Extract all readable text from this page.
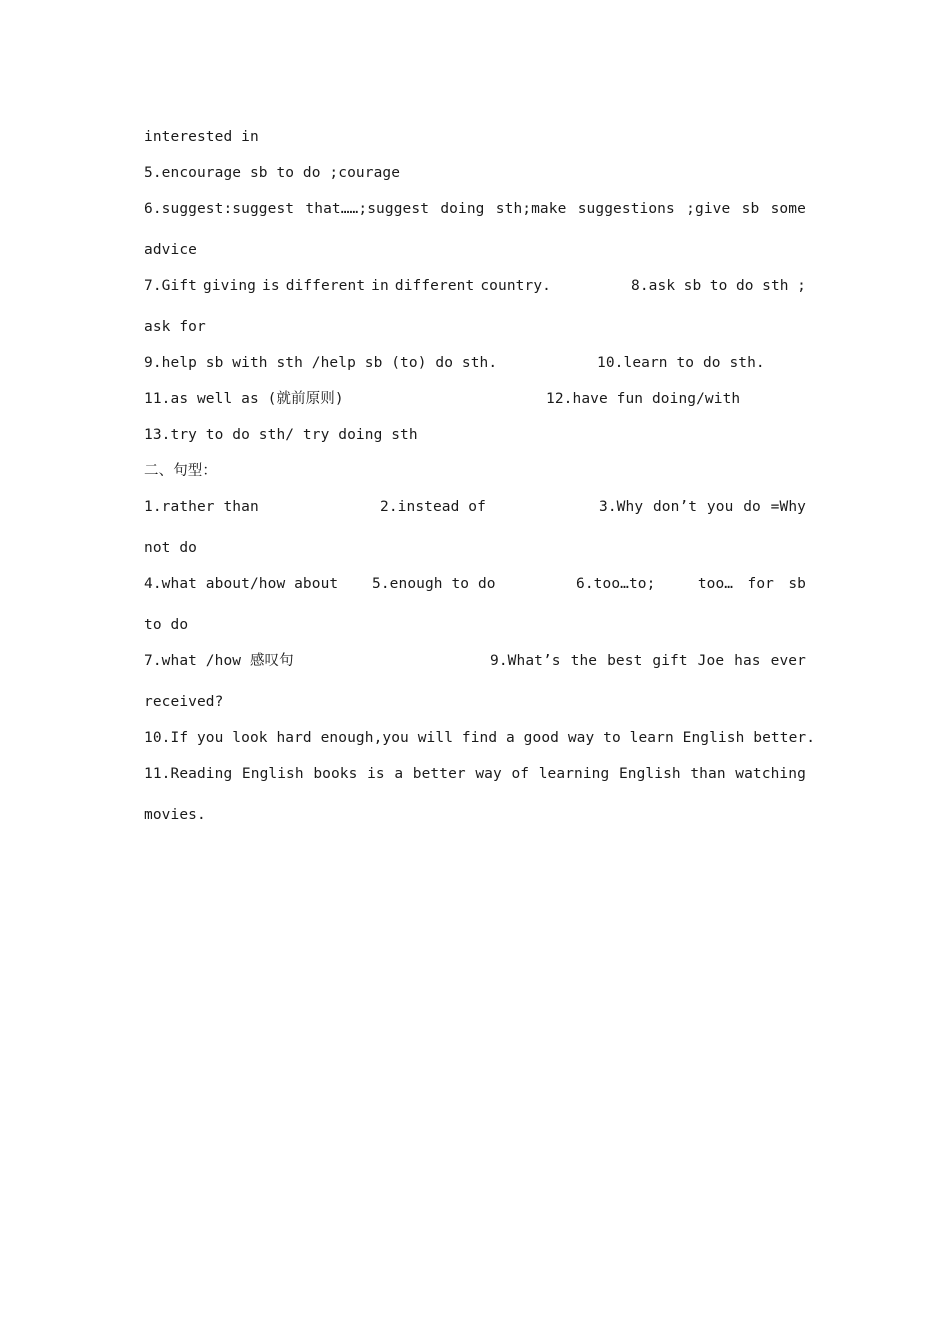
interested in
5.encourage sb to do ;courage
6.suggest:suggest that……;suggest doing sth;make suggestions ;give sb some
advice
7.Gift giving is different in different country.	8.ask sb to do sth ;
ask for
9.help sb with sth /help sb (to) do sth.	10.learn to do sth.
11.as well as (就前原则)	12.have fun doing/with
13.try to do sth/ try doing sth
二、句型：
1.rather than	2.instead of	3.Why don’t you do =Why
not do
4.what about/how about 5.enough to do	6.too…to;	too… for sb
to do
7.what /how 感叹句	9.What’s the best gift Joe has ever
received?
10.If you look hard enough,you will find a good way to learn English better.
11.Reading English books is a better way of learning English than watching
movies.
